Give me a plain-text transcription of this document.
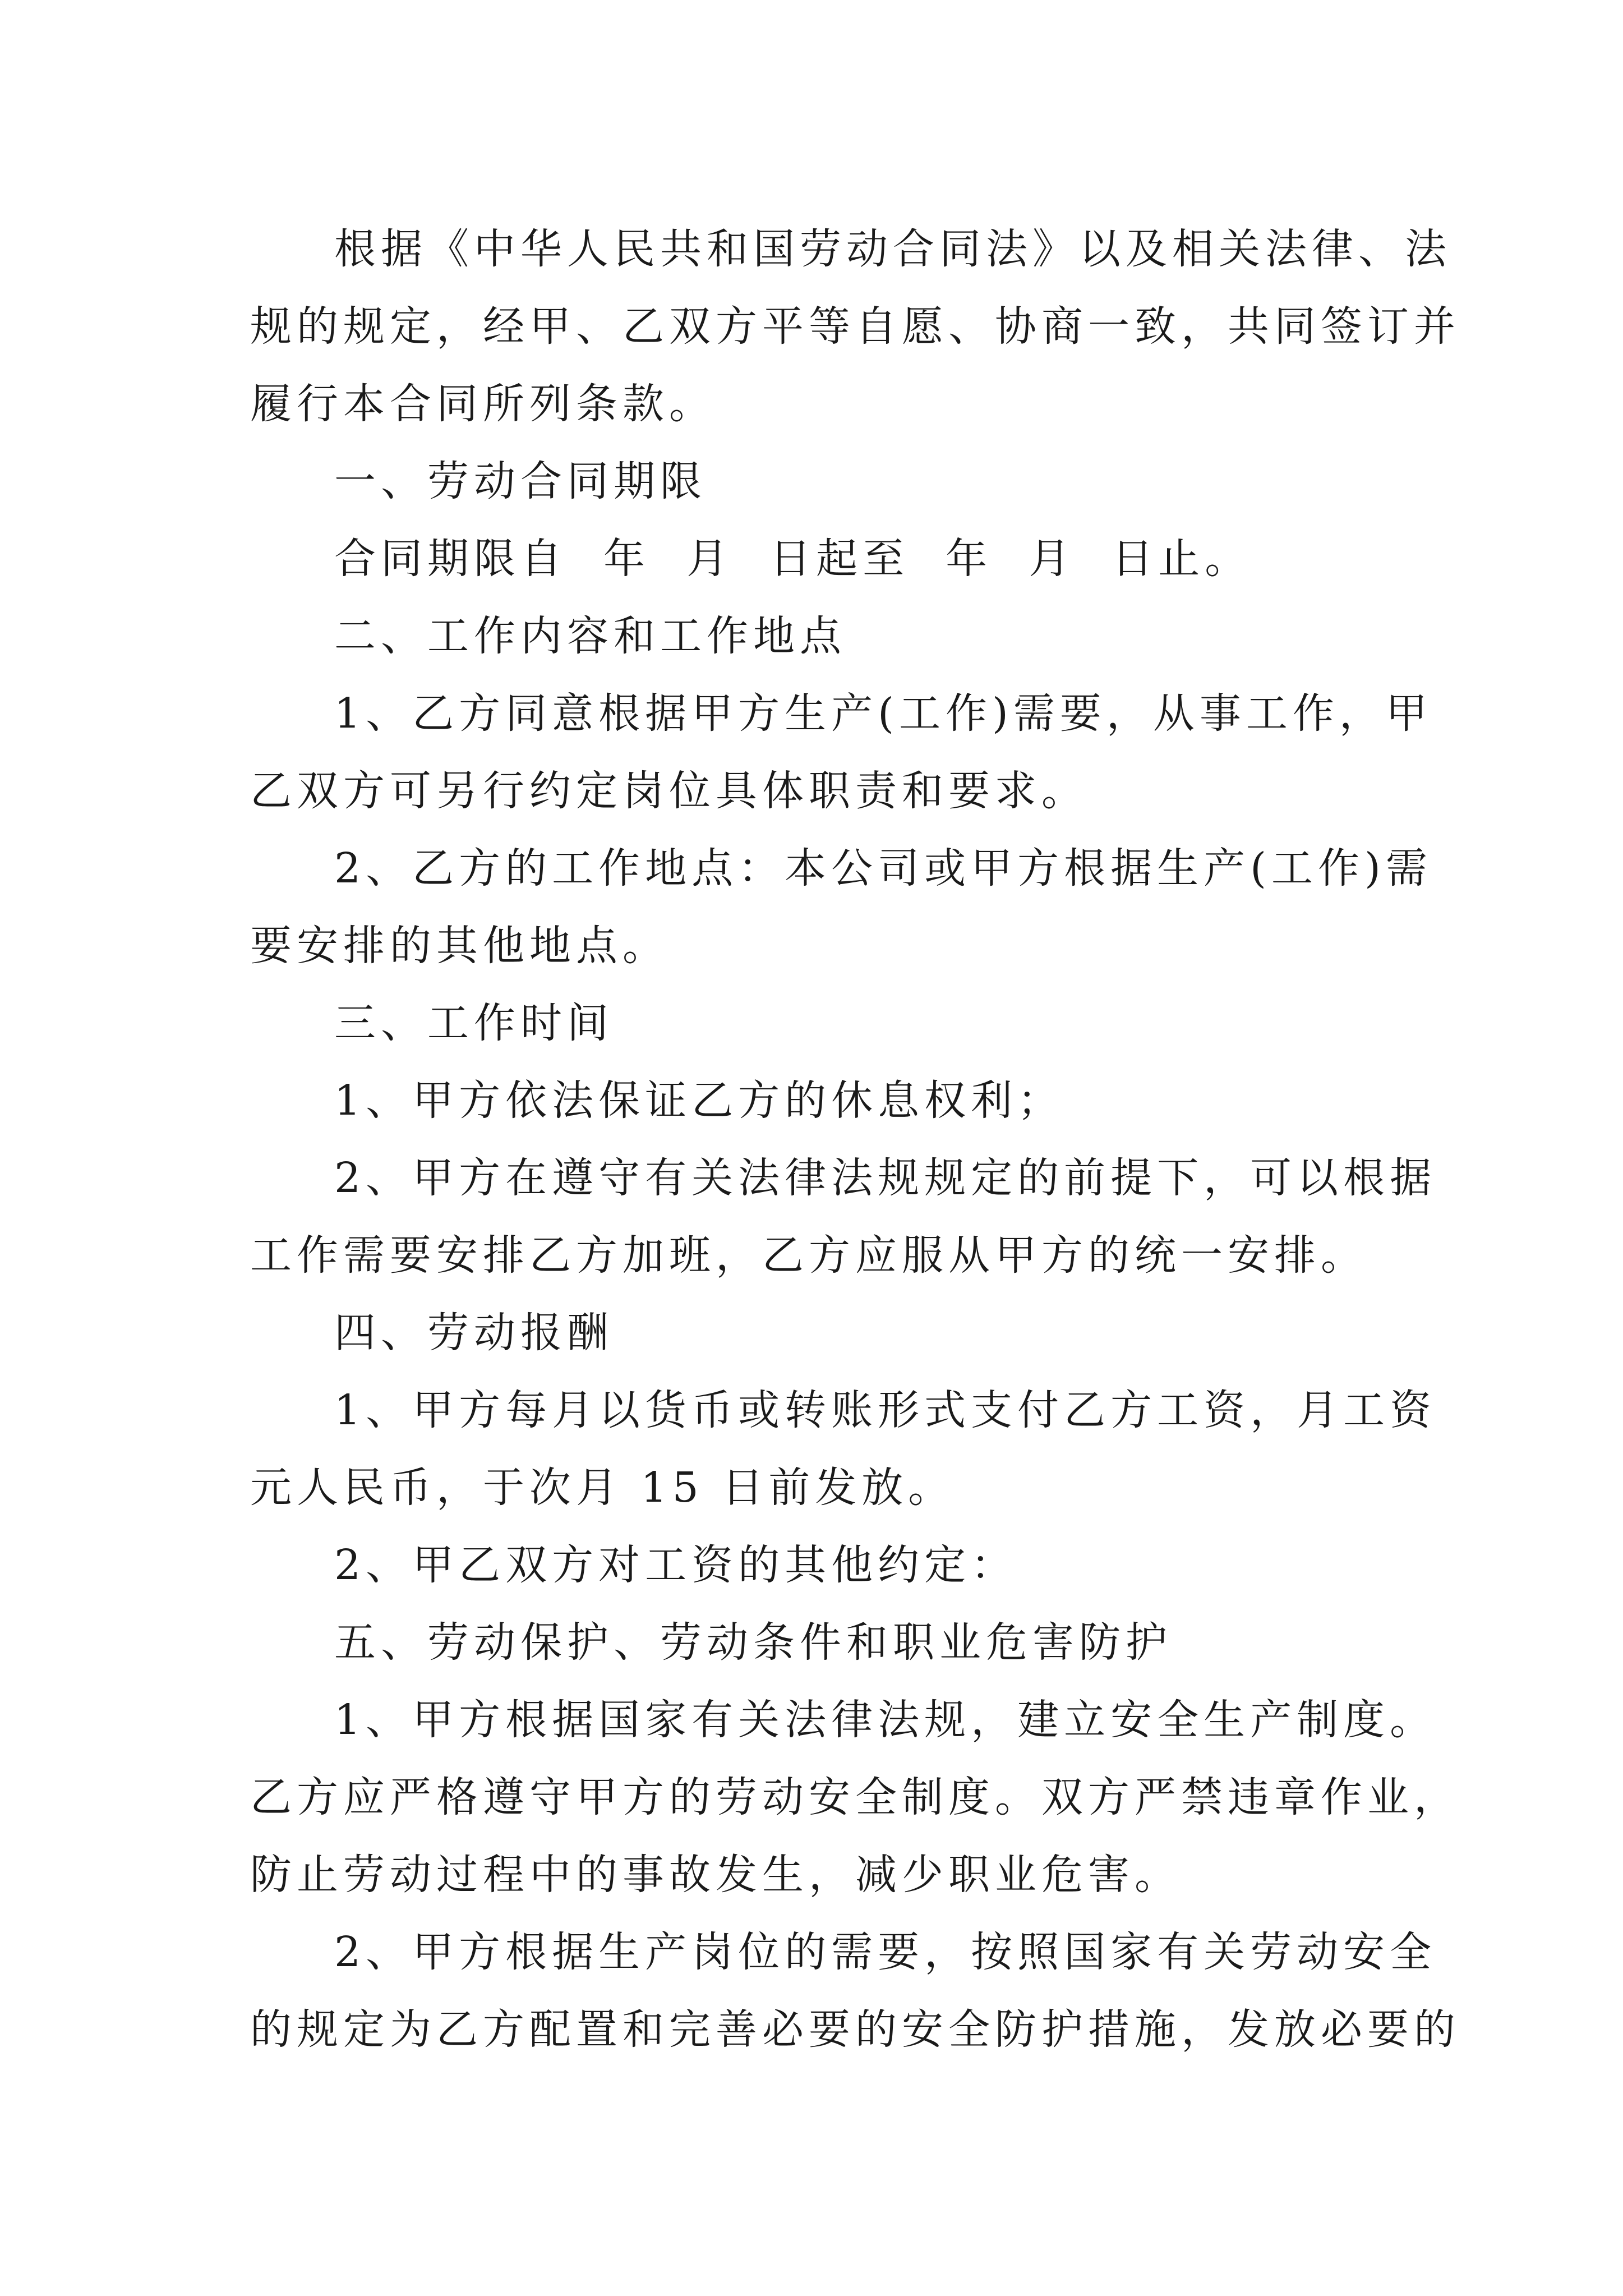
根据《中华人民共和国劳动合同法》以及相关法律、法
规的规定，经甲、乙双方平等自愿、协商一致，共同签订并
履行本合同所列条款。

一、劳动合同期限

合同期限自  年  月  日起至  年  月  日止。

二、工作内容和工作地点

1、乙方同意根据甲方生产(工作)需要，从事工作，甲
乙双方可另行约定岗位具体职责和要求。

2、乙方的工作地点：本公司或甲方根据生产(工作)需
要安排的其他地点。

三、工作时间

1、甲方依法保证乙方的休息权利；

2、甲方在遵守有关法律法规规定的前提下，可以根据
工作需要安排乙方加班，乙方应服从甲方的统一安排。

四、劳动报酬

1、甲方每月以货币或转账形式支付乙方工资，月工资
元人民币，于次月 15 日前发放。

2、甲乙双方对工资的其他约定：

五、劳动保护、劳动条件和职业危害防护

1、甲方根据国家有关法律法规，建立安全生产制度。
乙方应严格遵守甲方的劳动安全制度。双方严禁违章作业，
防止劳动过程中的事故发生，减少职业危害。

2、甲方根据生产岗位的需要，按照国家有关劳动安全
的规定为乙方配置和完善必要的安全防护措施，发放必要的
